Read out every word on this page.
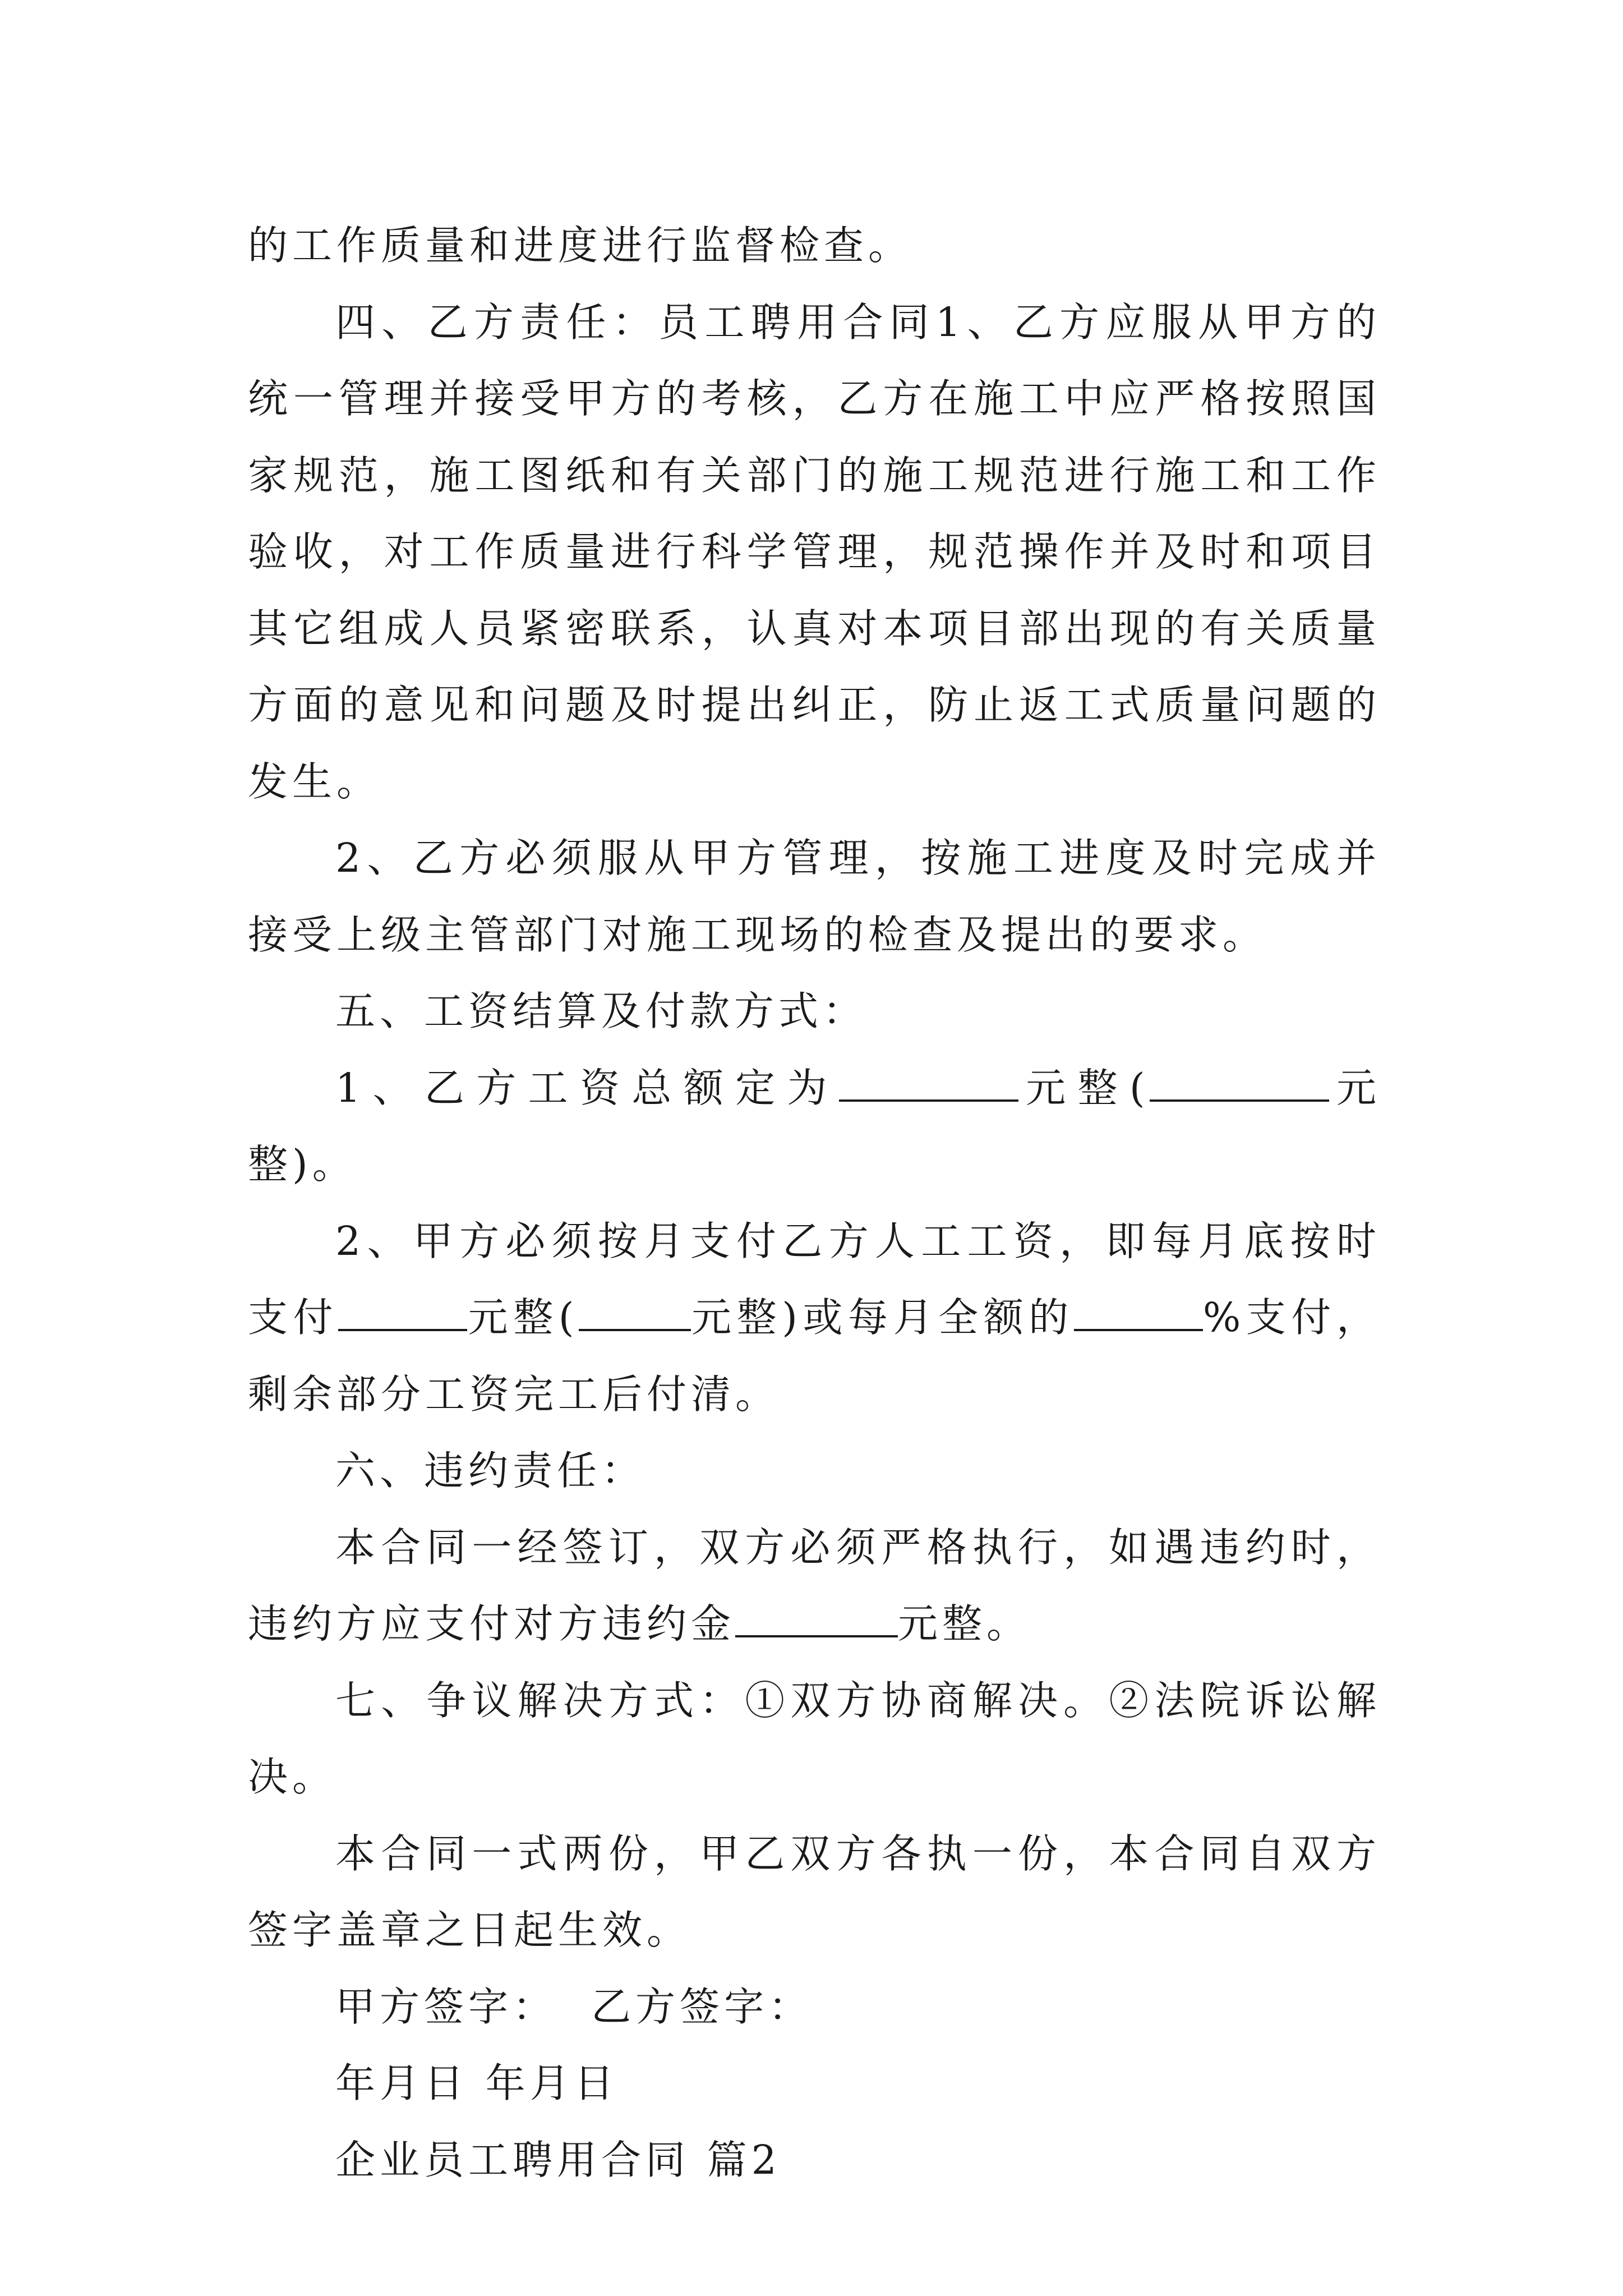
的工作质量和进度进行监督检查。

四、乙方责任：员工聘用合同1、乙方应服从甲方的统一管理并接受甲方的考核，乙方在施工中应严格按照国家规范，施工图纸和有关部门的施工规范进行施工和工作验收，对工作质量进行科学管理，规范操作并及时和项目其它组成人员紧密联系，认真对本项目部出现的有关质量方面的意见和问题及时提出纠正，防止返工式质量问题的发生。

2、乙方必须服从甲方管理，按施工进度及时完成并接受上级主管部门对施工现场的检查及提出的要求。

五、工资结算及付款方式：

1、乙方工资总额定为	元整(	元整)。

2、甲方必须按月支付乙方人工工资，即每月底按时支付	元整(	元整)或每月全额的	%支付，剩余部分工资完工后付清。

六、违约责任：

本合同一经签订，双方必须严格执行，如遇违约时，违约方应支付对方违约金	元整。

七、争议解决方式：①双方协商解决。②法院诉讼解决。

本合同一式两份，甲乙双方各执一份，本合同自双方签字盖章之日起生效。

甲方签字：  乙方签字：

年月日 年月日

企业员工聘用合同 篇2
